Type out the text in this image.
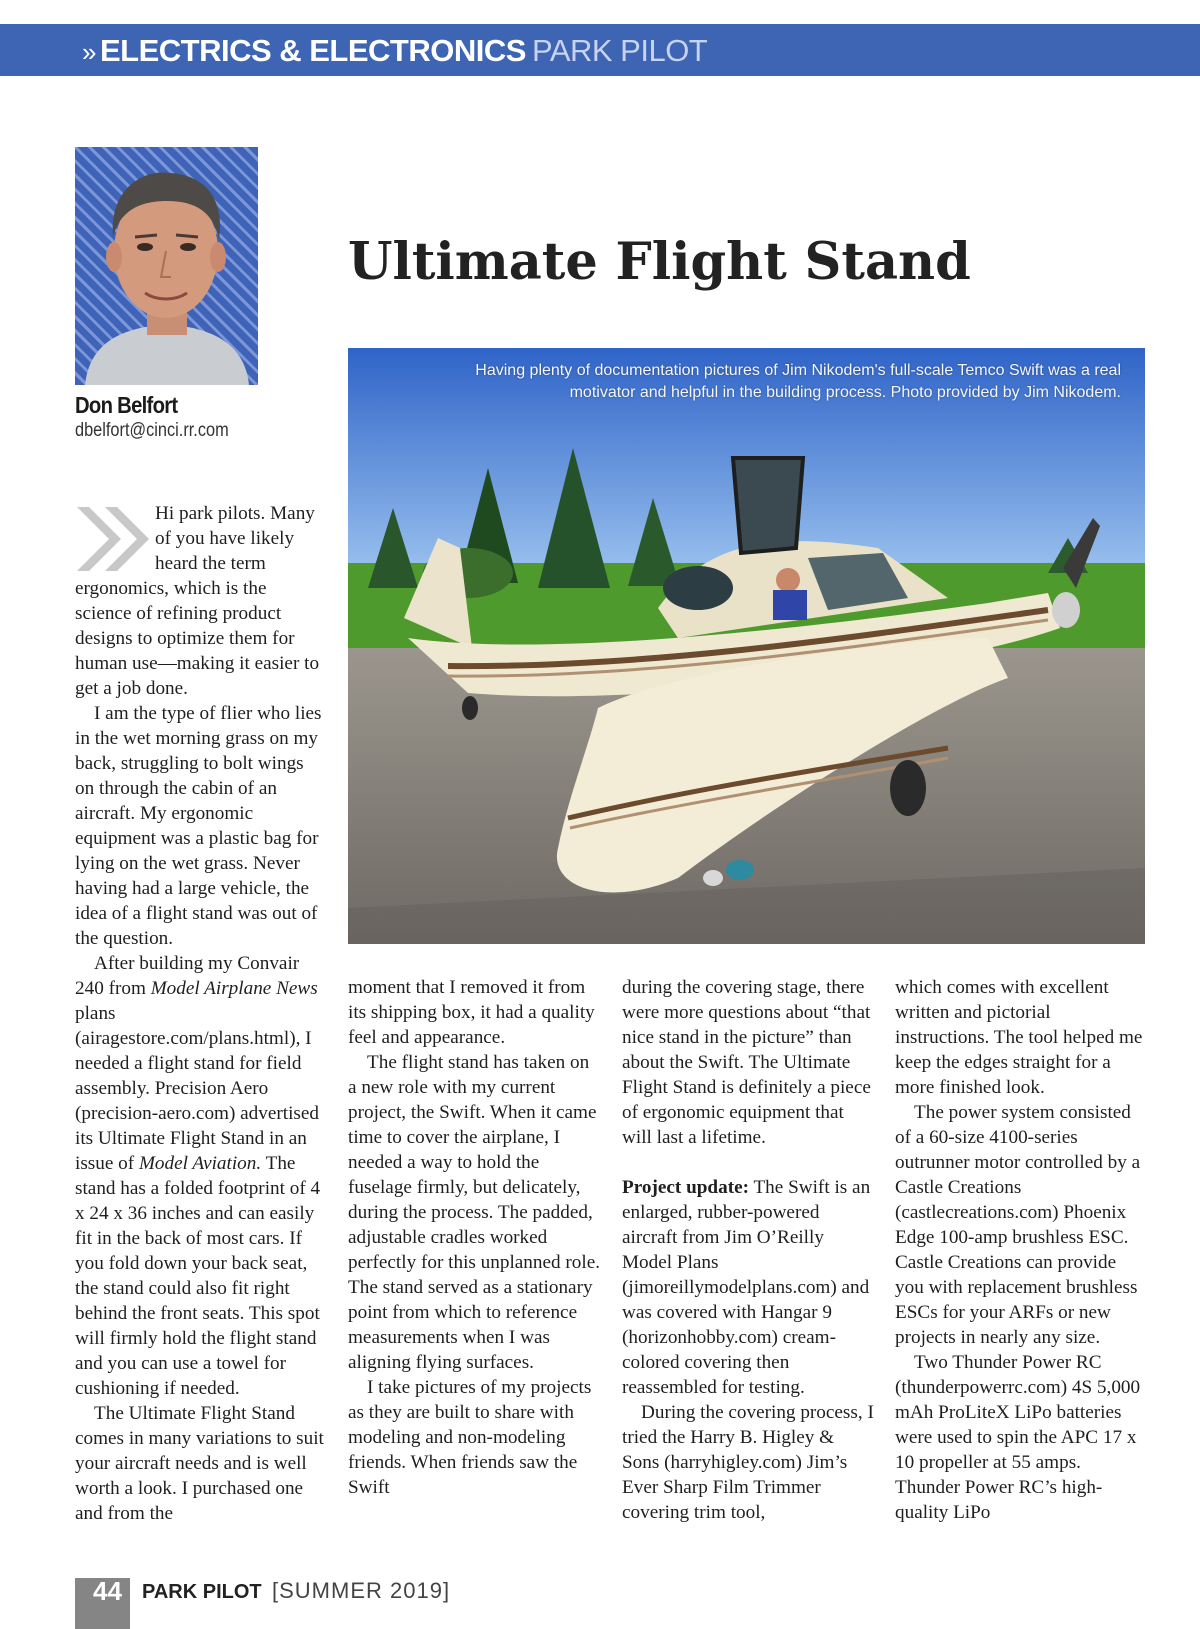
» ELECTRICS & ELECTRONICS PARK PILOT
Don Belfort
dbelfort@cinci.rr.com
Ultimate Flight Stand
Having plenty of documentation pictures of Jim Nikodem's full-scale Temco Swift was a real motivator and helpful in the building process. Photo provided by Jim Nikodem.

Hi park pilots. Many of you have likely heard the term ergonomics, which is the science of refining product designs to optimize them for human use—making it easier to get a job done.

I am the type of flier who lies in the wet morning grass on my back, struggling to bolt wings on through the cabin of an aircraft. My ergonomic equipment was a plastic bag for lying on the wet grass. Never having had a large vehicle, the idea of a flight stand was out of the question.

After building my Convair 240 from Model Airplane News plans (airagestore.com/plans.html), I needed a flight stand for field assembly. Precision Aero (precision-aero.com) advertised its Ultimate Flight Stand in an issue of Model Aviation. The stand has a folded footprint of 4 x 24 x 36 inches and can easily fit in the back of most cars. If you fold down your back seat, the stand could also fit right behind the front seats. This spot will firmly hold the flight stand and you can use a towel for cushioning if needed.

The Ultimate Flight Stand comes in many variations to suit your aircraft needs and is well worth a look. I purchased one and from the

moment that I removed it from its shipping box, it had a quality feel and appearance.

The flight stand has taken on a new role with my current project, the Swift. When it came time to cover the airplane, I needed a way to hold the fuselage firmly, but delicately, during the process. The padded, adjustable cradles worked perfectly for this unplanned role. The stand served as a stationary point from which to reference measurements when I was aligning flying surfaces.

I take pictures of my projects as they are built to share with modeling and non-modeling friends. When friends saw the Swift

during the covering stage, there were more questions about “that nice stand in the picture” than about the Swift. The Ultimate Flight Stand is definitely a piece of ergonomic equipment that will last a lifetime.

Project update: The Swift is an enlarged, rubber-powered aircraft from Jim O’Reilly Model Plans (jimoreillymodelplans.com) and was covered with Hangar 9 (horizonhobby.com) cream-colored covering then reassembled for testing.

During the covering process, I tried the Harry B. Higley & Sons (harryhigley.com) Jim’s Ever Sharp Film Trimmer covering trim tool,

which comes with excellent written and pictorial instructions. The tool helped me keep the edges straight for a more finished look.

The power system consisted of a 60-size 4100-series outrunner motor controlled by a Castle Creations (castlecreations.com) Phoenix Edge 100-amp brushless ESC. Castle Creations can provide you with replacement brushless ESCs for your ARFs or new projects in nearly any size.

Two Thunder Power RC (thunderpowerrc.com) 4S 5,000 mAh ProLiteX LiPo batteries were used to spin the APC 17 x 10 propeller at 55 amps. Thunder Power RC’s high-quality LiPo

44 PARK PILOT [SUMMER 2019]
